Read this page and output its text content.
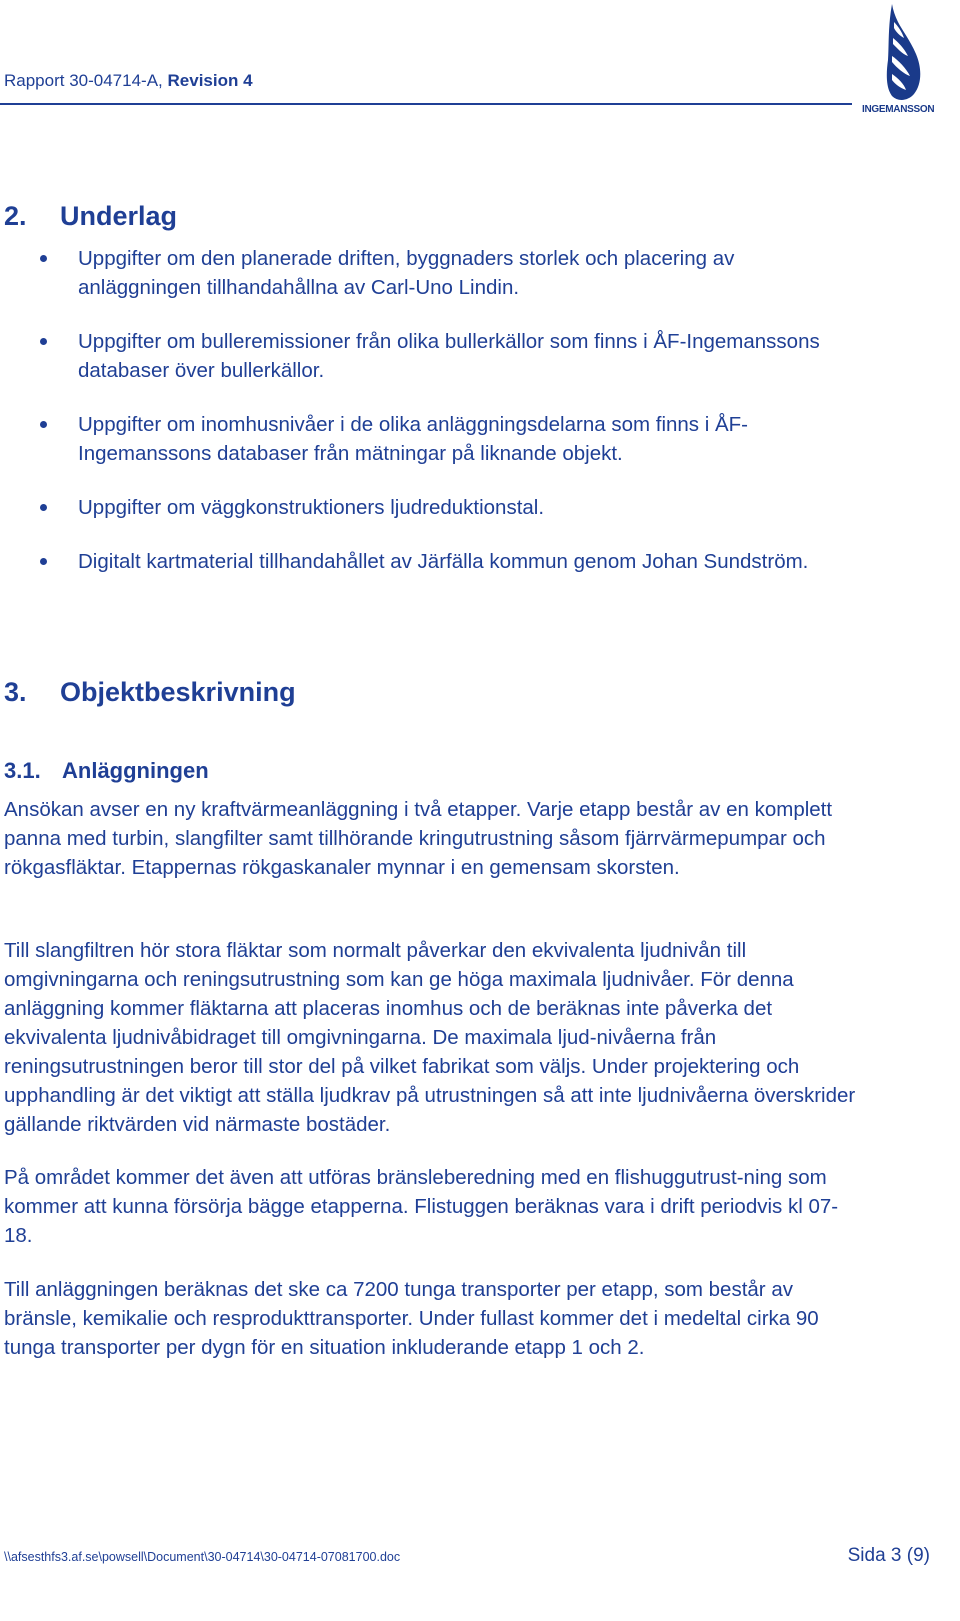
Rapport 30-04714-A, Revision 4
INGEMANSSON
2. Underlag
Uppgifter om den planerade driften, byggnaders storlek och placering av anläggningen tillhandahållna av Carl-Uno Lindin.
Uppgifter om bulleremissioner från olika bullerkällor som finns i ÅF-Ingemanssons databaser över bullerkällor.
Uppgifter om inomhusnivåer i de olika anläggningsdelarna som finns i ÅF-Ingemanssons databaser från mätningar på liknande objekt.
Uppgifter om väggkonstruktioners ljudreduktionstal.
Digitalt kartmaterial tillhandahållet av Järfälla kommun genom Johan Sundström.
3. Objektbeskrivning
3.1. Anläggningen

Ansökan avser en ny kraftvärmeanläggning i två etapper. Varje etapp består av en komplett panna med turbin, slangfilter samt tillhörande kringutrustning såsom fjärrvärmepumpar och rökgasfläktar. Etappernas rökgaskanaler mynnar i en gemensam skorsten.

Till slangfiltren hör stora fläktar som normalt påverkar den ekvivalenta ljudnivån till omgivningarna och reningsutrustning som kan ge höga maximala ljudnivåer. För denna anläggning kommer fläktarna att placeras inomhus och de beräknas inte påverka det ekvivalenta ljudnivåbidraget till omgivningarna. De maximala ljud-nivåerna från reningsutrustningen beror till stor del på vilket fabrikat som väljs. Under projektering och upphandling är det viktigt att ställa ljudkrav på utrustningen så att inte ljudnivåerna överskrider gällande riktvärden vid närmaste bostäder.

På området kommer det även att utföras bränsleberedning med en flishuggutrust-ning som kommer att kunna försörja bägge etapperna. Flistuggen beräknas vara i drift periodvis kl 07-18.

Till anläggningen beräknas det ske ca 7200 tunga transporter per etapp, som består av bränsle, kemikalie och resprodukttransporter. Under fullast kommer det i medeltal cirka 90 tunga transporter per dygn för en situation inkluderande etapp 1 och 2.

\\afsesthfs3.af.se\powsell\Document\30-04714\30-04714-07081700.doc	Sida 3 (9)
